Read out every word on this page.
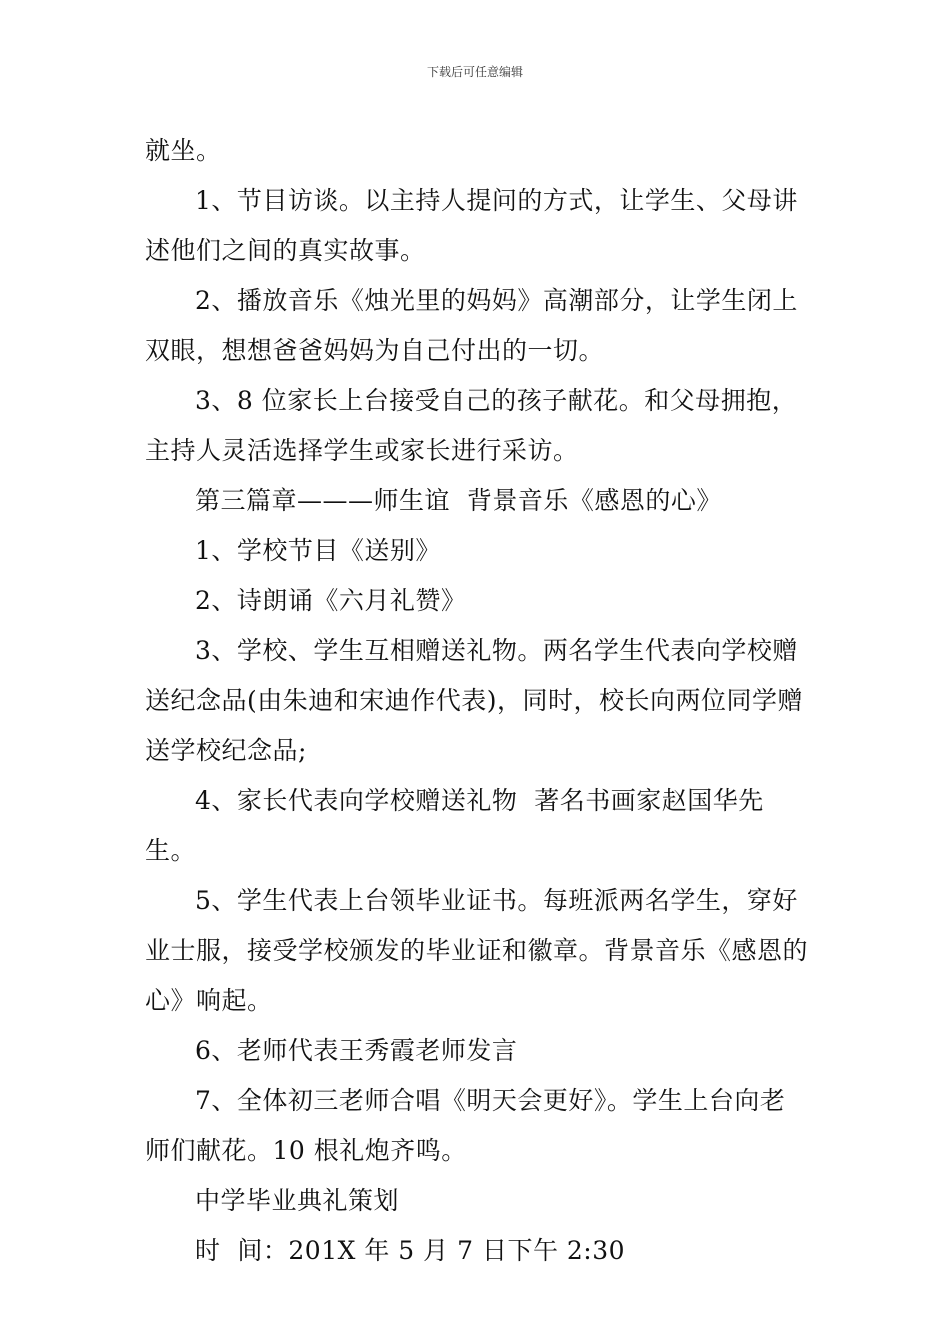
下载后可任意编辑

就坐。

1、节目访谈。以主持人提问的方式，让学生、父母讲述他们之间的真实故事。

2、播放音乐《烛光里的妈妈》高潮部分，让学生闭上双眼，想想爸爸妈妈为自己付出的一切。

3、8 位家长上台接受自己的孩子献花。和父母拥抱，主持人灵活选择学生或家长进行采访。

第三篇章———师生谊  背景音乐《感恩的心》

1、学校节目《送别》

2、诗朗诵《六月礼赞》

3、学校、学生互相赠送礼物。两名学生代表向学校赠送纪念品(由朱迪和宋迪作代表)，同时，校长向两位同学赠送学校纪念品;

4、家长代表向学校赠送礼物  著名书画家赵国华先生。

5、学生代表上台领毕业证书。每班派两名学生，穿好业士服，接受学校颁发的毕业证和徽章。背景音乐《感恩的心》响起。

6、老师代表王秀霞老师发言

7、全体初三老师合唱《明天会更好》。学生上台向老师们献花。10 根礼炮齐鸣。

中学毕业典礼策划

时  间：201X 年 5 月 7 日下午 2:30
